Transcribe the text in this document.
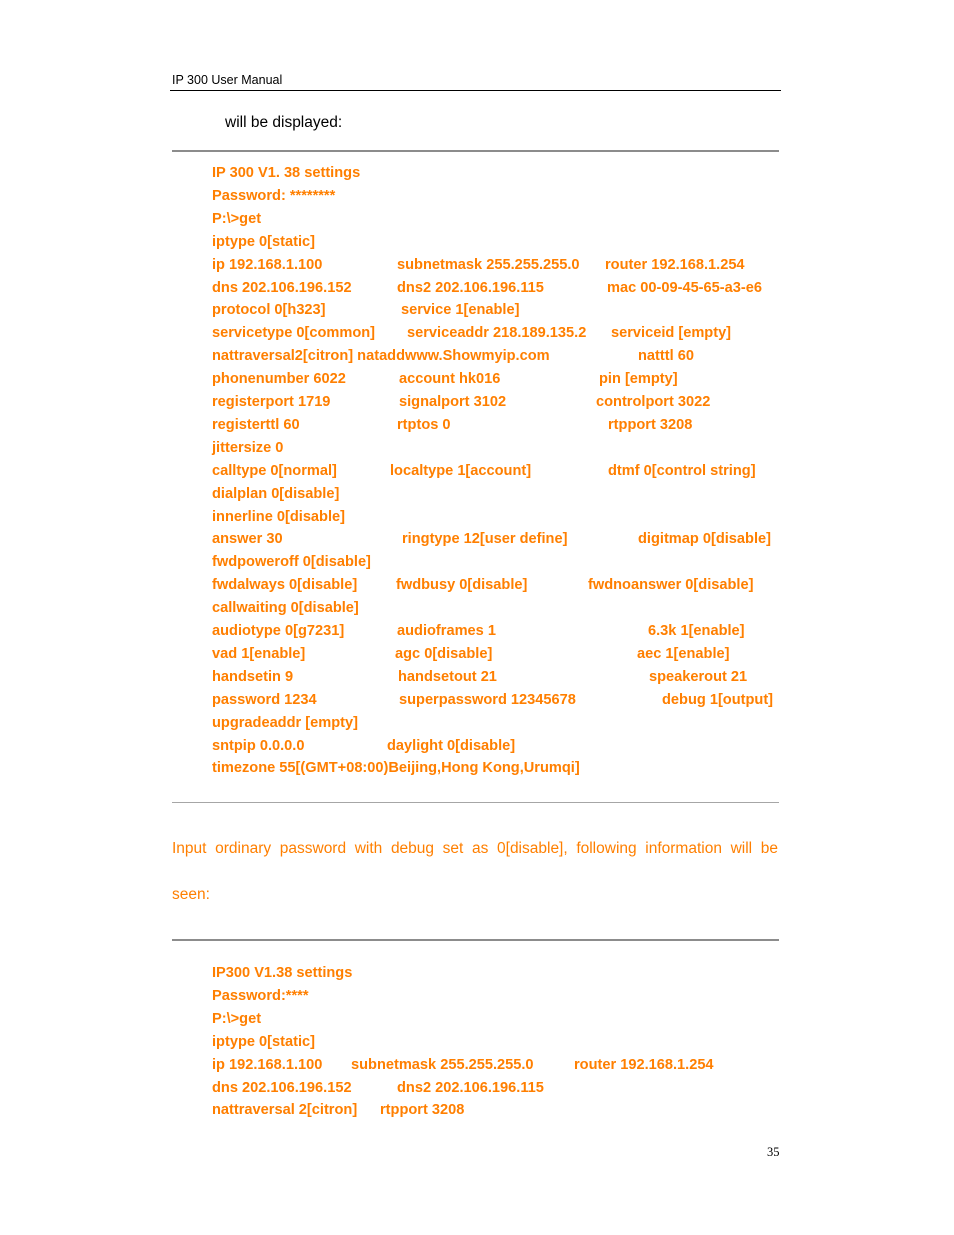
IP 300 User Manual
will be displayed:
IP 300 V1. 38 settings
Password: ********
P:\>get
iptype 0[static]
ip 192.168.1.100	subnetmask 255.255.255.0 router 192.168.1.254
dns 202.106.196.152	dns2 202.106.196.115	mac 00-09-45-65-a3-e6
protocol 0[h323]	service 1[enable]
servicetype 0[common] serviceaddr 218.189.135.2 serviceid [empty]
nattraversal2[citron] nataddwww.Showmyip.com	natttl 60
phonenumber 6022	account hk016	pin [empty]
registerport 1719	signalport 3102	controlport 3022
registerttl 60	rtptos 0	rtpport 3208
jittersize 0
calltype 0[normal]	localtype 1[account]	dtmf 0[control string]
dialplan 0[disable]
innerline 0[disable]
answer 30	ringtype 12[user define]	digitmap 0[disable]
fwdpoweroff 0[disable]
fwdalways 0[disable]	fwdbusy 0[disable]	fwdnoanswer 0[disable]
callwaiting 0[disable]
audiotype 0[g7231]	audioframes 1	6.3k 1[enable]
vad 1[enable]	agc 0[disable]	aec 1[enable]
handsetin 9	handsetout 21	speakerout 21
password 1234	superpassword 12345678	debug 1[output]
upgradeaddr [empty]
sntpip 0.0.0.0	daylight 0[disable]
timezone 55[(GMT+08:00)Beijing,Hong Kong,Urumqi]
Input ordinary password with debug set as 0[disable], following information will be
seen:
IP300 V1.38 settings
Password:****
P:\>get
iptype 0[static]
ip 192.168.1.100 subnetmask 255.255.255.0	router 192.168.1.254
dns 202.106.196.152	dns2 202.106.196.115
nattraversal 2[citron] rtpport 3208
35
